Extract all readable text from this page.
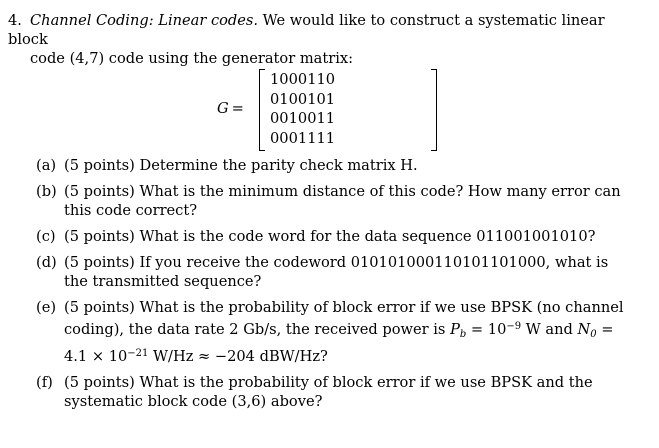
4. Channel Coding: Linear codes. We would like to construct a systematic linear block
code (4,7) code using the generator matrix:
G =
1	0	0	0	1	1	0
0	1	0	0	1	0	1
0	0	1	0	0	1	1
0	0	0	1	1	1	1
(a) (5 points) Determine the parity check matrix H.
(b) (5 points) What is the minimum distance of this code? How many error can this code correct?
(c) (5 points) What is the code word for the data sequence 011001001010?
(d) (5 points) If you receive the codeword 010101000110101101000, what is the transmitted sequence?
(e) (5 points) What is the probability of block error if we use BPSK (no channel coding), the data rate 2 Gb/s, the received power is $P_b = 10^{-9}$ W and $N_0 = 4.1 \times 10^{-21}$ W/Hz ≈ −204 dBW/Hz?
(f) (5 points) What is the probability of block error if we use BPSK and the systematic block code (3,6) above?
